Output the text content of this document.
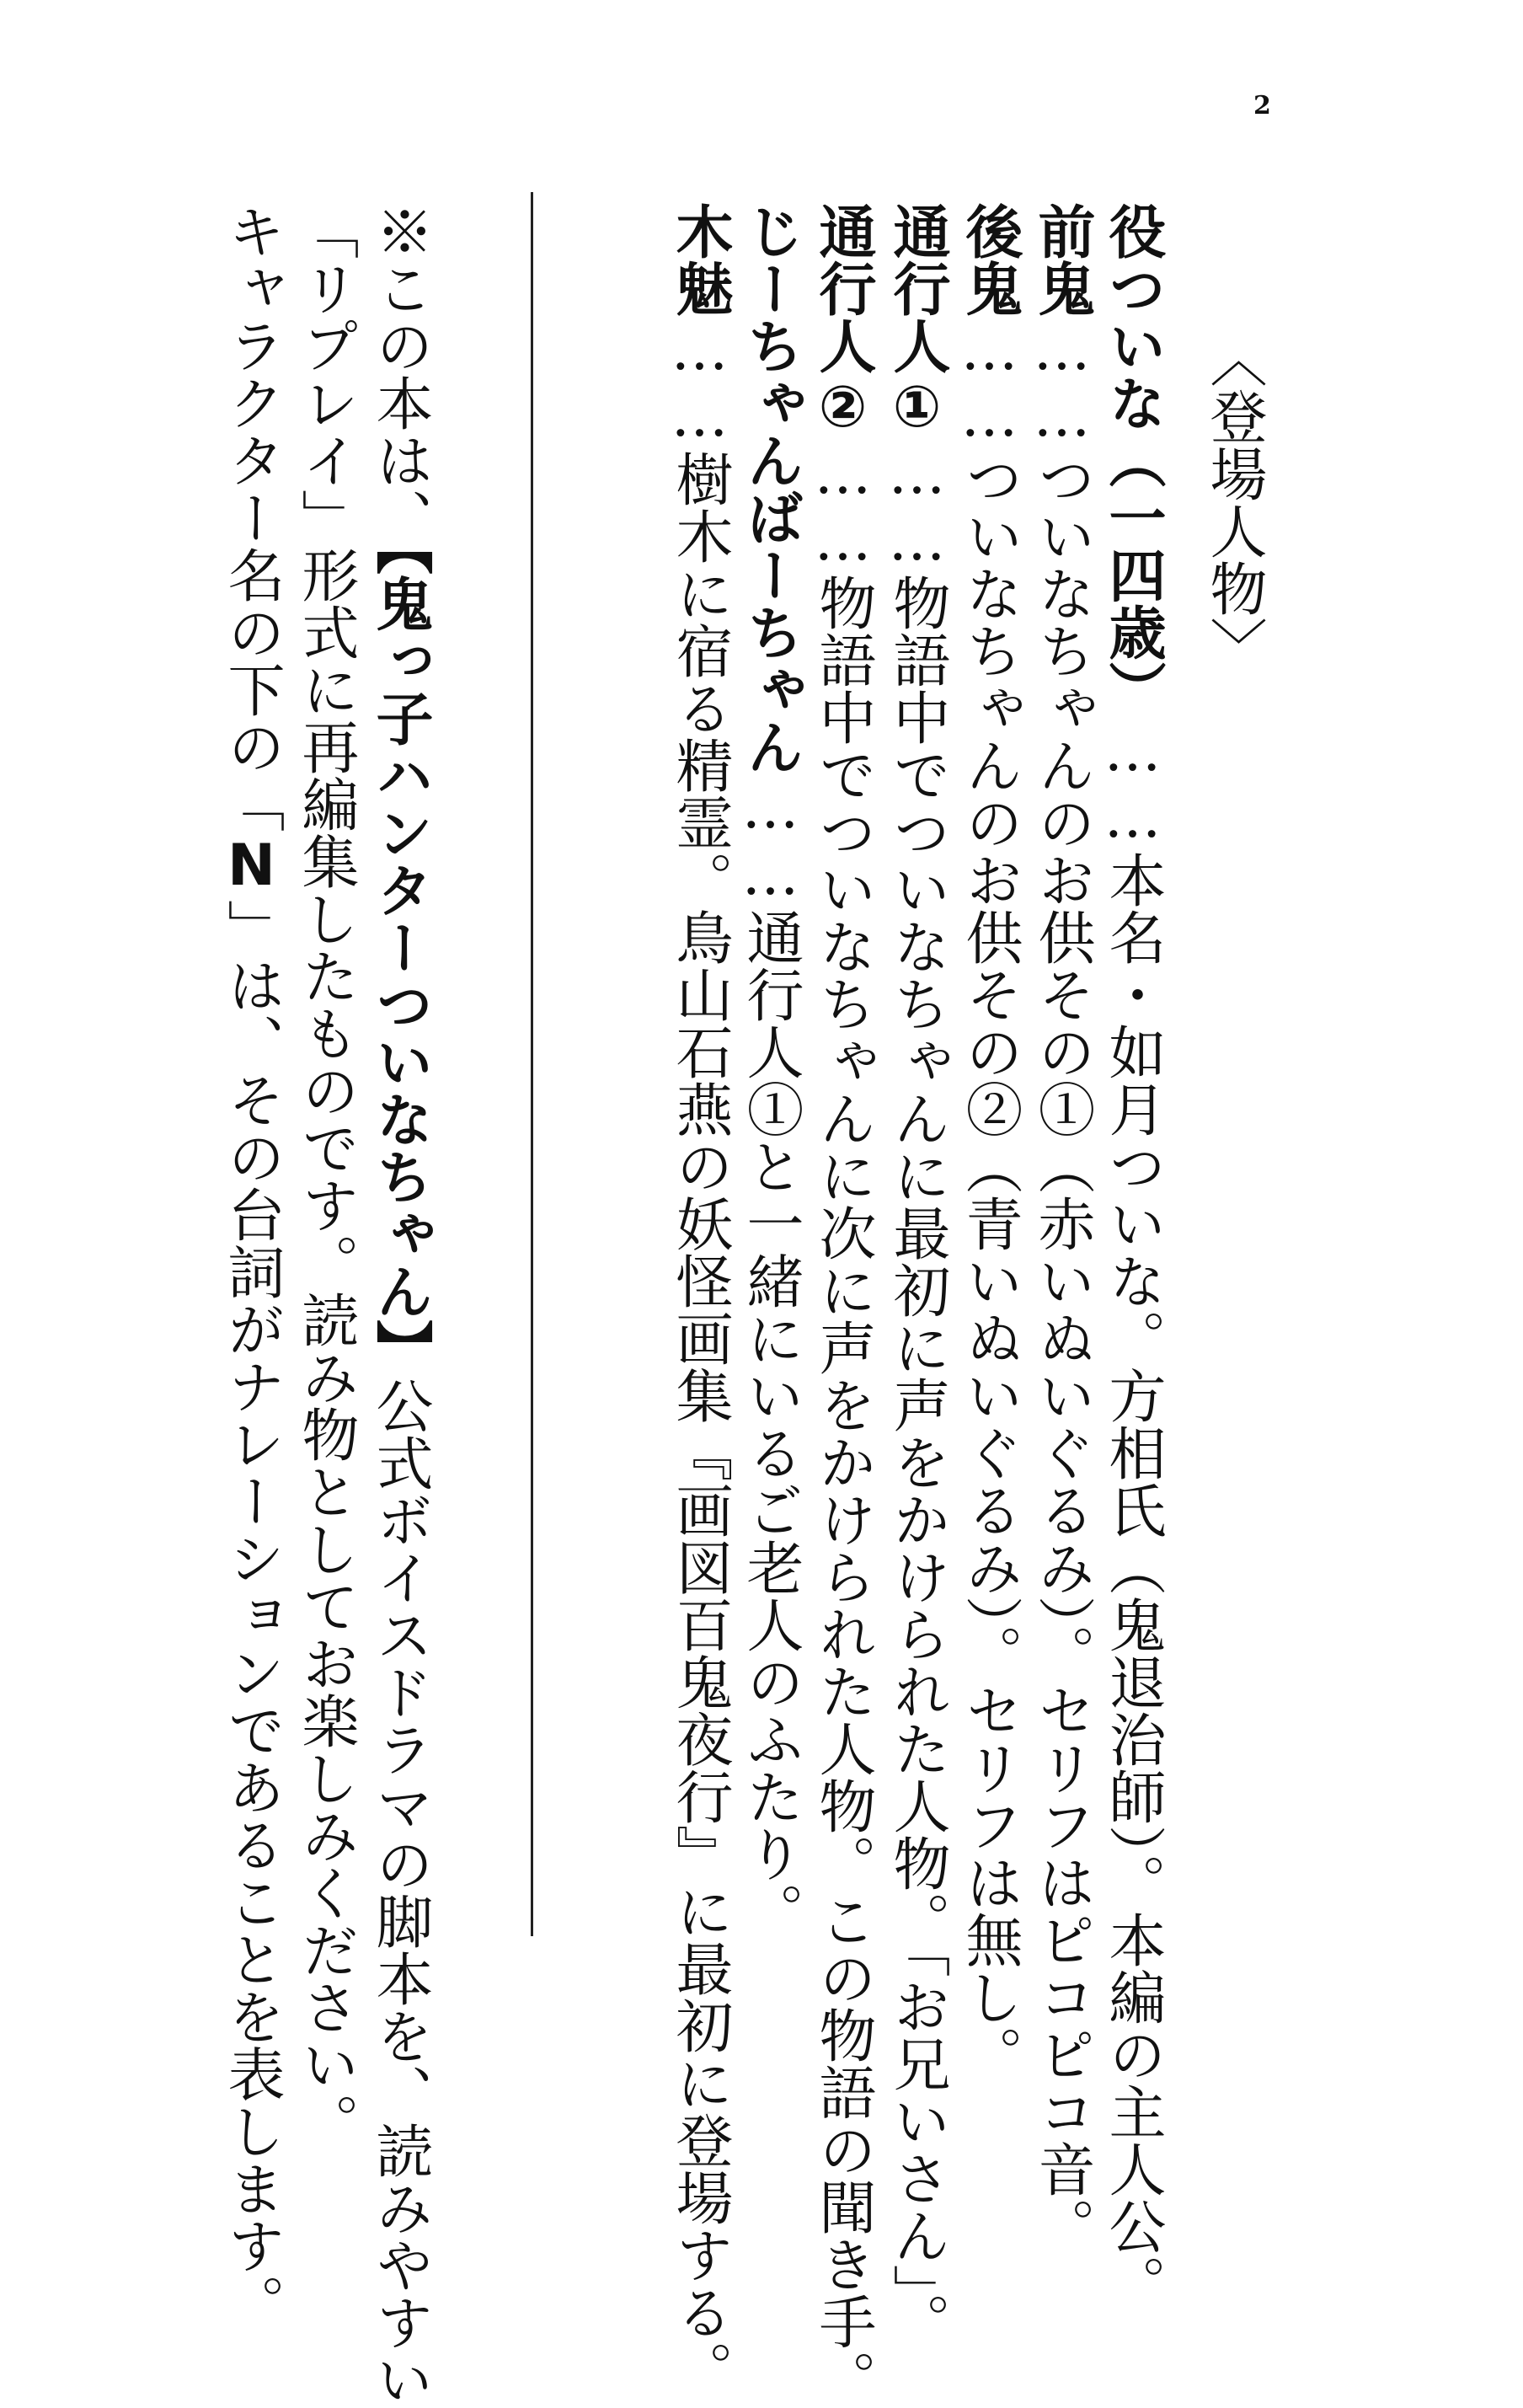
2
〈登場人物〉
役ついな（一四歳）……本名・如月ついな。方相氏（鬼退治師）。本編の主人公。
前鬼……ついなちゃんのお供その①（赤いぬいぐるみ）。セリフはピコピコ音。
後鬼……ついなちゃんのお供その②（青いぬいぐるみ）。セリフは無し。
通行人①……物語中でついなちゃんに最初に声をかけられた人物。「お兄いさん」。
通行人②……物語中でついなちゃんに次に声をかけられた人物。この物語の聞き手。
じーちゃんばーちゃん……通行人①と一緒にいるご老人のふたり。
木魅……樹木に宿る精霊。鳥山石燕の妖怪画集『画図百鬼夜行』に最初に登場する。
※この本は、【鬼っ子ハンターついなちゃん】公式ボイスドラマの脚本を、読みやすい
「リプレイ」形式に再編集したものです。読み物としてお楽しみください。
キャラクター名の下の「N」は、その台詞がナレーションであることを表します。
